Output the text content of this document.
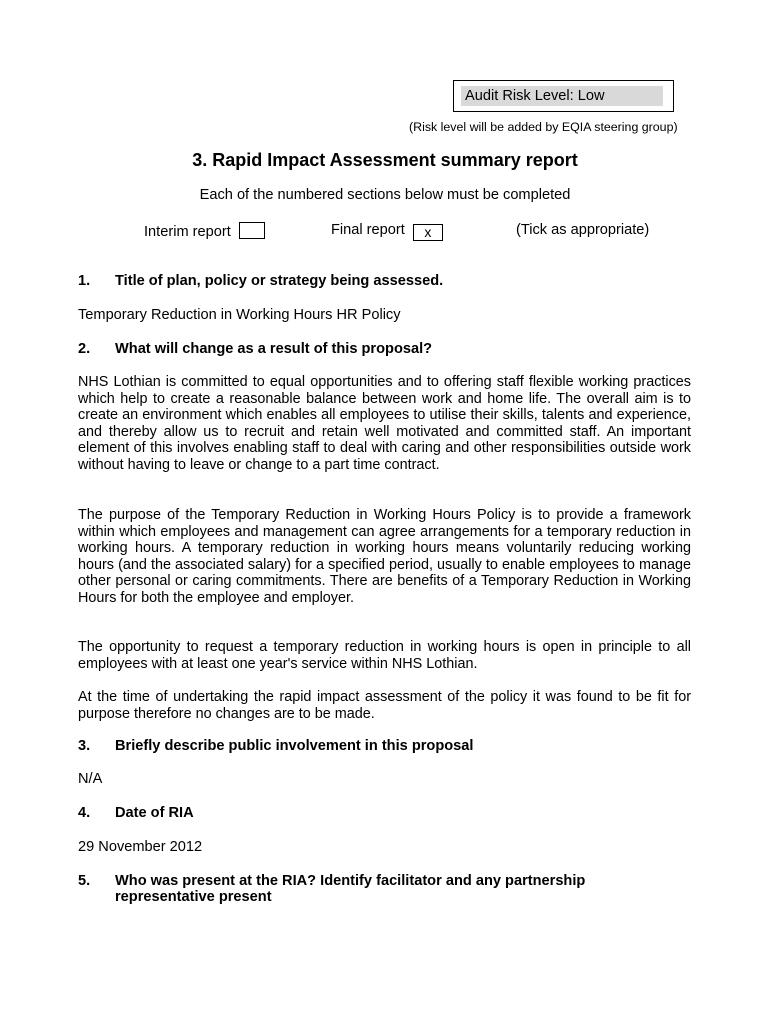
Audit Risk Level: Low
(Risk level will be added by EQIA steering group)
3. Rapid Impact Assessment summary report
Each of the numbered sections below must be completed
Interim report	Final report x	(Tick as appropriate)
1. Title of plan, policy or strategy being assessed.
Temporary Reduction in Working Hours HR Policy
2. What will change as a result of this proposal?
NHS Lothian is committed to equal opportunities and to offering staff flexible working practices which help to create a reasonable balance between work and home life. The overall aim is to create an environment which enables all employees to utilise their skills, talents and experience, and thereby allow us to recruit and retain well motivated and committed staff. An important element of this involves enabling staff to deal with caring and other responsibilities outside work without having to leave or change to a part time contract.
The purpose of the Temporary Reduction in Working Hours Policy is to provide a framework within which employees and management can agree arrangements for a temporary reduction in working hours. A temporary reduction in working hours means voluntarily reducing working hours (and the associated salary) for a specified period, usually to enable employees to manage other personal or caring commitments. There are benefits of a Temporary Reduction in Working Hours for both the employee and employer.
The opportunity to request a temporary reduction in working hours is open in principle to all employees with at least one year's service within NHS Lothian.
At the time of undertaking the rapid impact assessment of the policy it was found to be fit for purpose therefore no changes are to be made.
3. Briefly describe public involvement in this proposal
N/A
4. Date of RIA
29 November 2012
5. Who was present at the RIA? Identify facilitator and any partnership
representative present
